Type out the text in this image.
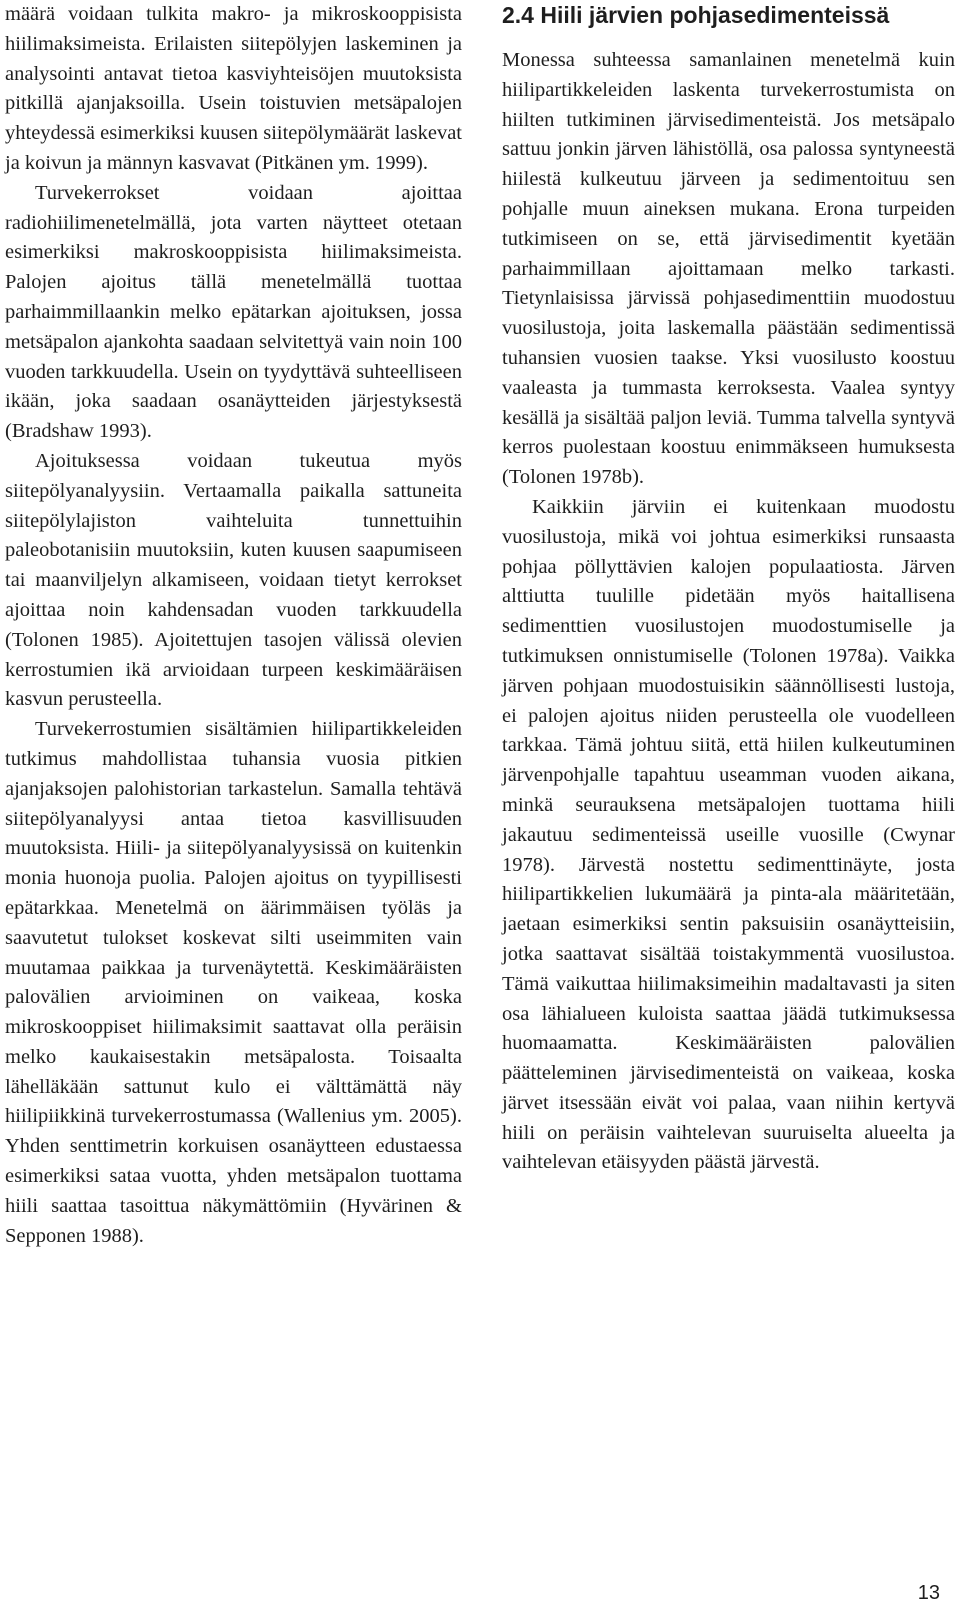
määrä voidaan tulkita makro- ja mikroskooppisista hiilimaksimeista. Erilaisten siitepölyjen laskeminen ja analysointi antavat tietoa kasviyhteisöjen muutoksista pitkillä ajanjaksoilla. Usein toistuvien metsäpalojen yhteydessä esimerkiksi kuusen siitepölymäärät laskevat ja koivun ja männyn kasvavat (Pitkänen ym. 1999).

Turvekerrokset voidaan ajoittaa radiohiilimenetelmällä, jota varten näytteet otetaan esimerkiksi makroskooppisista hiilimaksimeista. Palojen ajoitus tällä menetelmällä tuottaa parhaimmillaankin melko epätarkan ajoituksen, jossa metsäpalon ajankohta saadaan selvitettyä vain noin 100 vuoden tarkkuudella. Usein on tyydyttävä suhteelliseen ikään, joka saadaan osanäytteiden järjestyksestä (Bradshaw 1993).

Ajoituksessa voidaan tukeutua myös siitepölyanalyysiin. Vertaamalla paikalla sattuneita siitepölylajiston vaihteluita tunnettuihin paleobotanisiin muutoksiin, kuten kuusen saapumiseen tai maanviljelyn alkamiseen, voidaan tietyt kerrokset ajoittaa noin kahdensadan vuoden tarkkuudella (Tolonen 1985). Ajoitettujen tasojen välissä olevien kerrostumien ikä arvioidaan turpeen keskimääräisen kasvun perusteella.

Turvekerrostumien sisältämien hiilipartikkeleiden tutkimus mahdollistaa tuhansia vuosia pitkien ajanjaksojen palohistorian tarkastelun. Samalla tehtävä siitepölyanalyysi antaa tietoa kasvillisuuden muutoksista. Hiili- ja siitepölyanalyysissä on kuitenkin monia huonoja puolia. Palojen ajoitus on tyypillisesti epätarkkaa. Menetelmä on äärimmäisen työläs ja saavutetut tulokset koskevat silti useimmiten vain muutamaa paikkaa ja turvenäytettä. Keskimääräisten palovälien arvioiminen on vaikeaa, koska mikroskooppiset hiilimaksimit saattavat olla peräisin melko kaukaisestakin metsäpalosta. Toisaalta lähelläkään sattunut kulo ei välttämättä näy hiilipiikkinä turvekerrostumassa (Wallenius ym. 2005). Yhden senttimetrin korkuisen osanäytteen edustaessa esimerkiksi sataa vuotta, yhden metsäpalon tuottama hiili saattaa tasoittua näkymättömiin (Hyvärinen & Sepponen 1988).

2.4 Hiili järvien pohjasedimenteissä

Monessa suhteessa samanlainen menetelmä kuin hiilipartikkeleiden laskenta turvekerrostumista on hiilten tutkiminen järvisedimenteistä. Jos metsäpalo sattuu jonkin järven lähistöllä, osa palossa syntyneestä hiilestä kulkeutuu järveen ja sedimentoituu sen pohjalle muun aineksen mukana. Erona turpeiden tutkimiseen on se, että järvisedimentit kyetään parhaimmillaan ajoittamaan melko tarkasti. Tietynlaisissa järvissä pohjasedimenttiin muodostuu vuosilustoja, joita laskemalla päästään sedimentissä tuhansien vuosien taakse. Yksi vuosilusto koostuu vaaleasta ja tummasta kerroksesta. Vaalea syntyy kesällä ja sisältää paljon leviä. Tumma talvella syntyvä kerros puolestaan koostuu enimmäkseen humuksesta (Tolonen 1978b).

Kaikkiin järviin ei kuitenkaan muodostu vuosilustoja, mikä voi johtua esimerkiksi runsaasta pohjaa pöllyttävien kalojen populaatiosta. Järven alttiutta tuulille pidetään myös haitallisena sedimenttien vuosilustojen muodostumiselle ja tutkimuksen onnistumiselle (Tolonen 1978a). Vaikka järven pohjaan muodostuisikin säännöllisesti lustoja, ei palojen ajoitus niiden perusteella ole vuodelleen tarkkaa. Tämä johtuu siitä, että hiilen kulkeutuminen järvenpohjalle tapahtuu useamman vuoden aikana, minkä seurauksena metsäpalojen tuottama hiili jakautuu sedimenteissä useille vuosille (Cwynar 1978). Järvestä nostettu sedimenttinäyte, josta hiilipartikkelien lukumäärä ja pinta-ala määritetään, jaetaan esimerkiksi sentin paksuisiin osanäytteisiin, jotka saattavat sisältää toistakymmentä vuosilustoa. Tämä vaikuttaa hiilimaksimeihin madaltavasti ja siten osa lähialueen kuloista saattaa jäädä tutkimuksessa huomaamatta. Keskimääräisten palovälien päätteleminen järvisedimenteistä on vaikeaa, koska järvet itsessään eivät voi palaa, vaan niihin kertyvä hiili on peräisin vaihtelevan suuruiselta alueelta ja vaihtelevan etäisyyden päästä järvestä.

13
